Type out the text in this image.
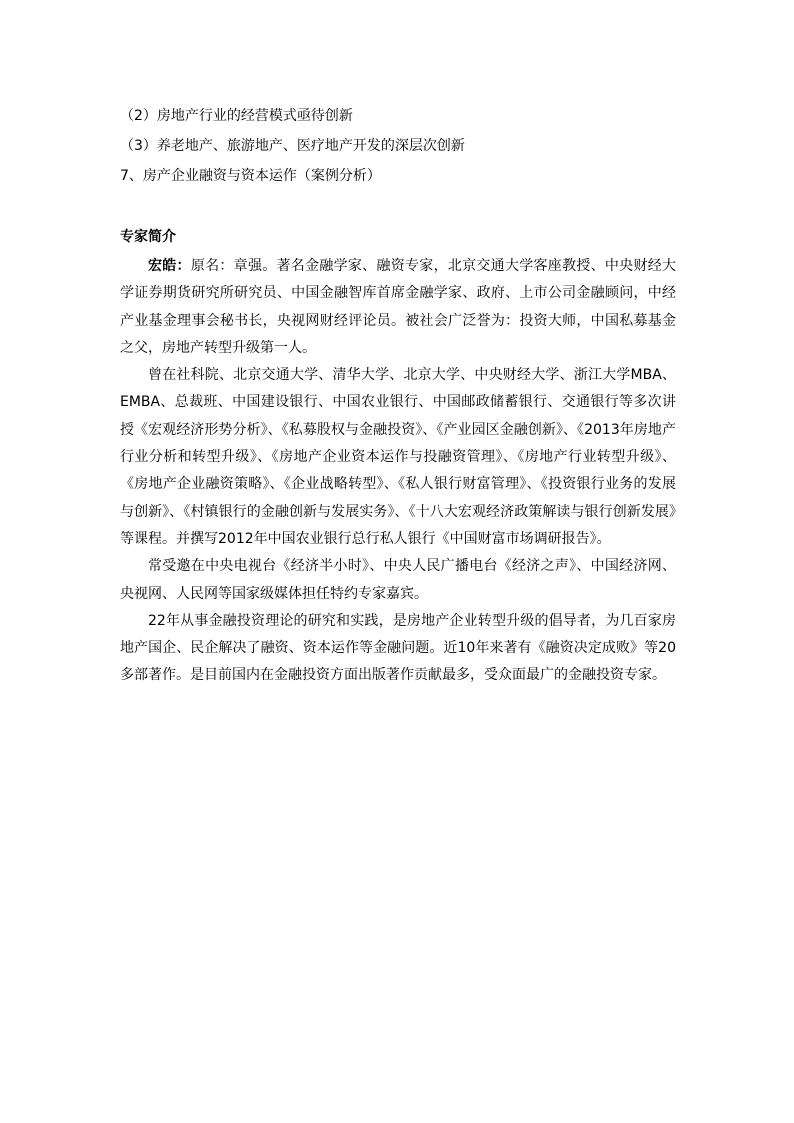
（2）房地产行业的经营模式亟待创新
（3）养老地产、旅游地产、医疗地产开发的深层次创新
7、房产企业融资与资本运作（案例分析）
专家简介

宏皓：原名：章强。著名金融学家、融资专家，北京交通大学客座教授、中央财经大学证券期货研究所研究员、中国金融智库首席金融学家、政府、上市公司金融顾问，中经产业基金理事会秘书长，央视网财经评论员。被社会广泛誉为：投资大师，中国私募基金之父，房地产转型升级第一人。

曾在社科院、北京交通大学、清华大学、北京大学、中央财经大学、浙江大学MBA、EMBA、总裁班、中国建设银行、中国农业银行、中国邮政储蓄银行、交通银行等多次讲授《宏观经济形势分析》、《私募股权与金融投资》、《产业园区金融创新》、《2013年房地产行业分析和转型升级》、《房地产企业资本运作与投融资管理》、《房地产行业转型升级》、《房地产企业融资策略》、《企业战略转型》、《私人银行财富管理》、《投资银行业务的发展与创新》、《村镇银行的金融创新与发展实务》、《十八大宏观经济政策解读与银行创新发展》等课程。并撰写2012年中国农业银行总行私人银行《中国财富市场调研报告》。

常受邀在中央电视台《经济半小时》、中央人民广播电台《经济之声》、中国经济网、央视网、人民网等国家级媒体担任特约专家嘉宾。

22年从事金融投资理论的研究和实践，是房地产企业转型升级的倡导者，为几百家房地产国企、民企解决了融资、资本运作等金融问题。近10年来著有《融资决定成败》等20多部著作。是目前国内在金融投资方面出版著作贡献最多，受众面最广的金融投资专家。
